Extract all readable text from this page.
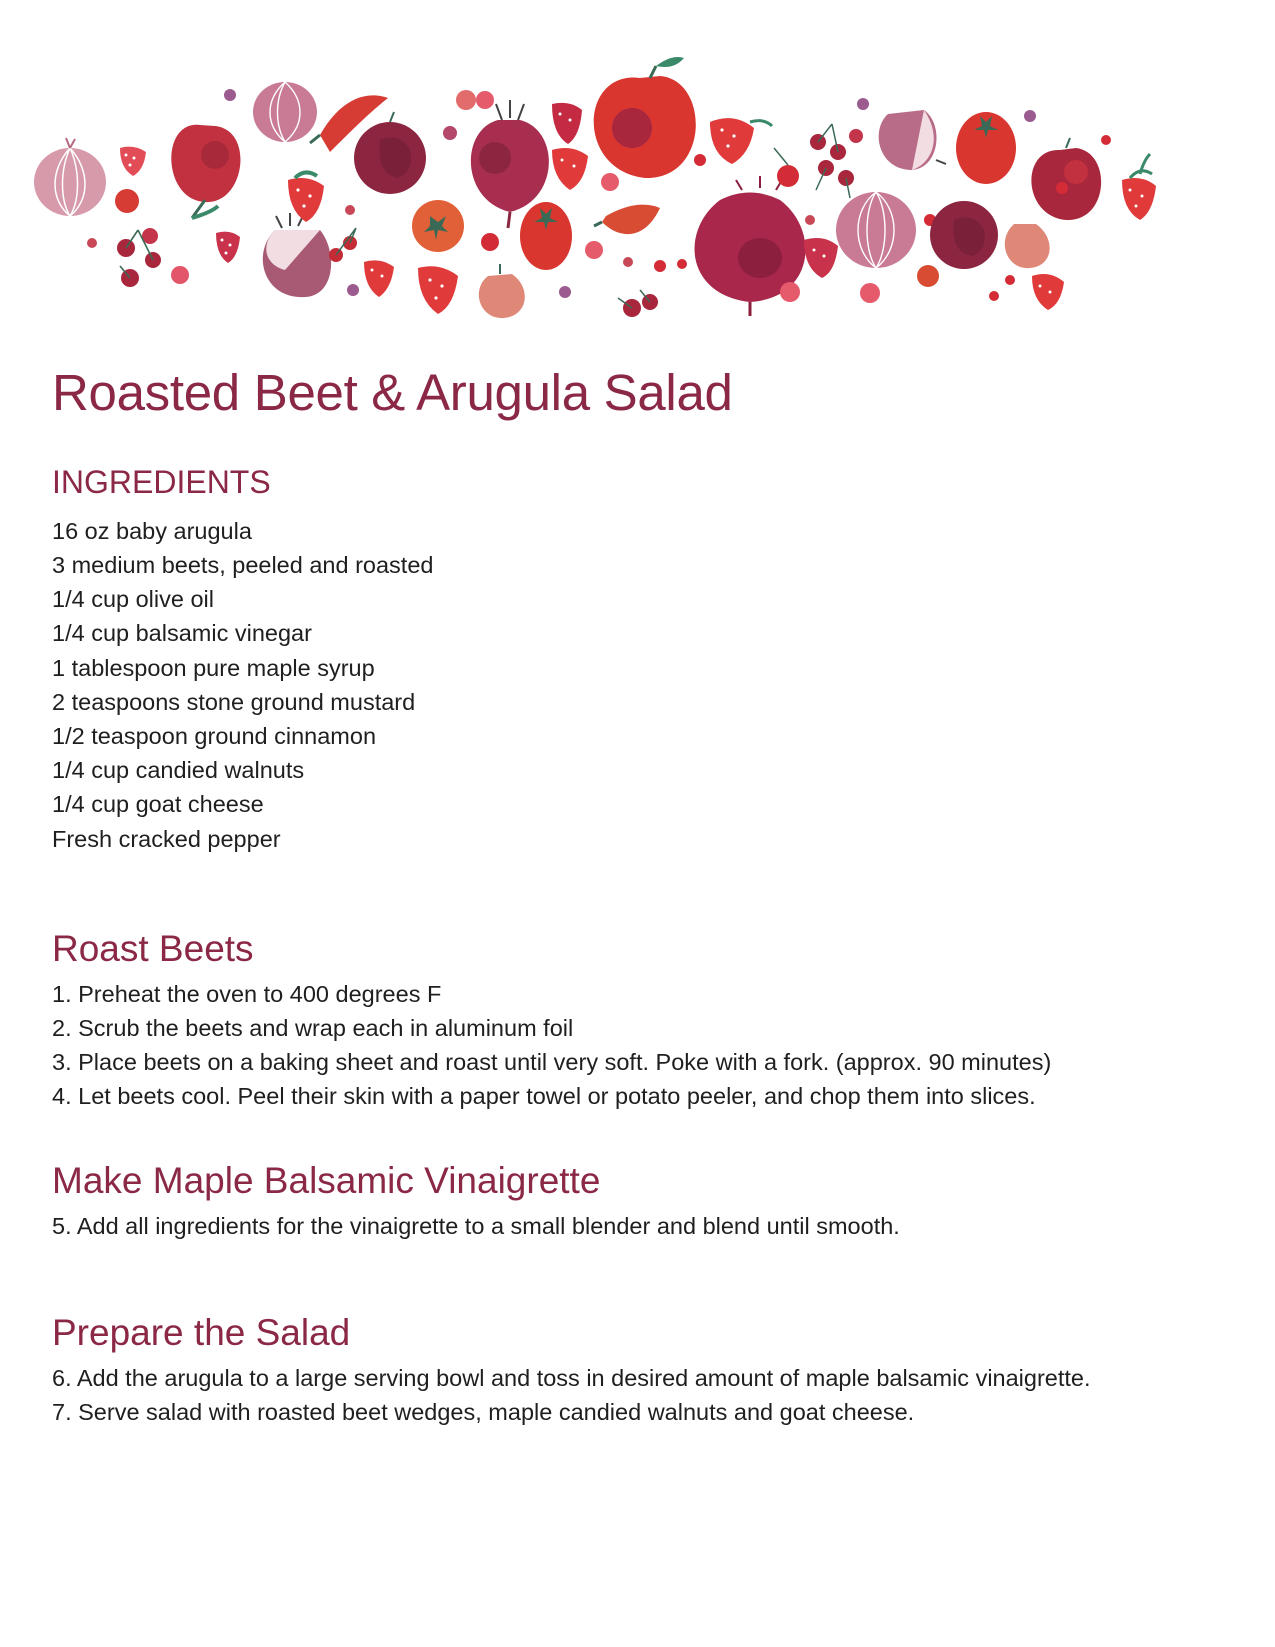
Roasted Beet & Arugula Salad
INGREDIENTS
16 oz baby arugula
3 medium beets, peeled and roasted
1/4 cup olive oil
1/4 cup balsamic vinegar
1 tablespoon pure maple syrup
2 teaspoons stone ground mustard
1/2 teaspoon ground cinnamon
1/4 cup candied walnuts
1/4 cup goat cheese
Fresh cracked pepper
Roast Beets
1. Preheat the oven to 400 degrees F
2. Scrub the beets and wrap each in aluminum foil
3. Place beets on a baking sheet and roast until very soft. Poke with a fork. (approx. 90 minutes)
4. Let beets cool. Peel their skin with a paper towel or potato peeler, and chop them into slices.
Make Maple Balsamic Vinaigrette
5. Add all ingredients for the vinaigrette to a small blender and blend until smooth.
Prepare the Salad
6. Add the arugula to a large serving bowl and toss in desired amount of maple balsamic vinaigrette.
7. Serve salad with roasted beet wedges, maple candied walnuts and goat cheese.
